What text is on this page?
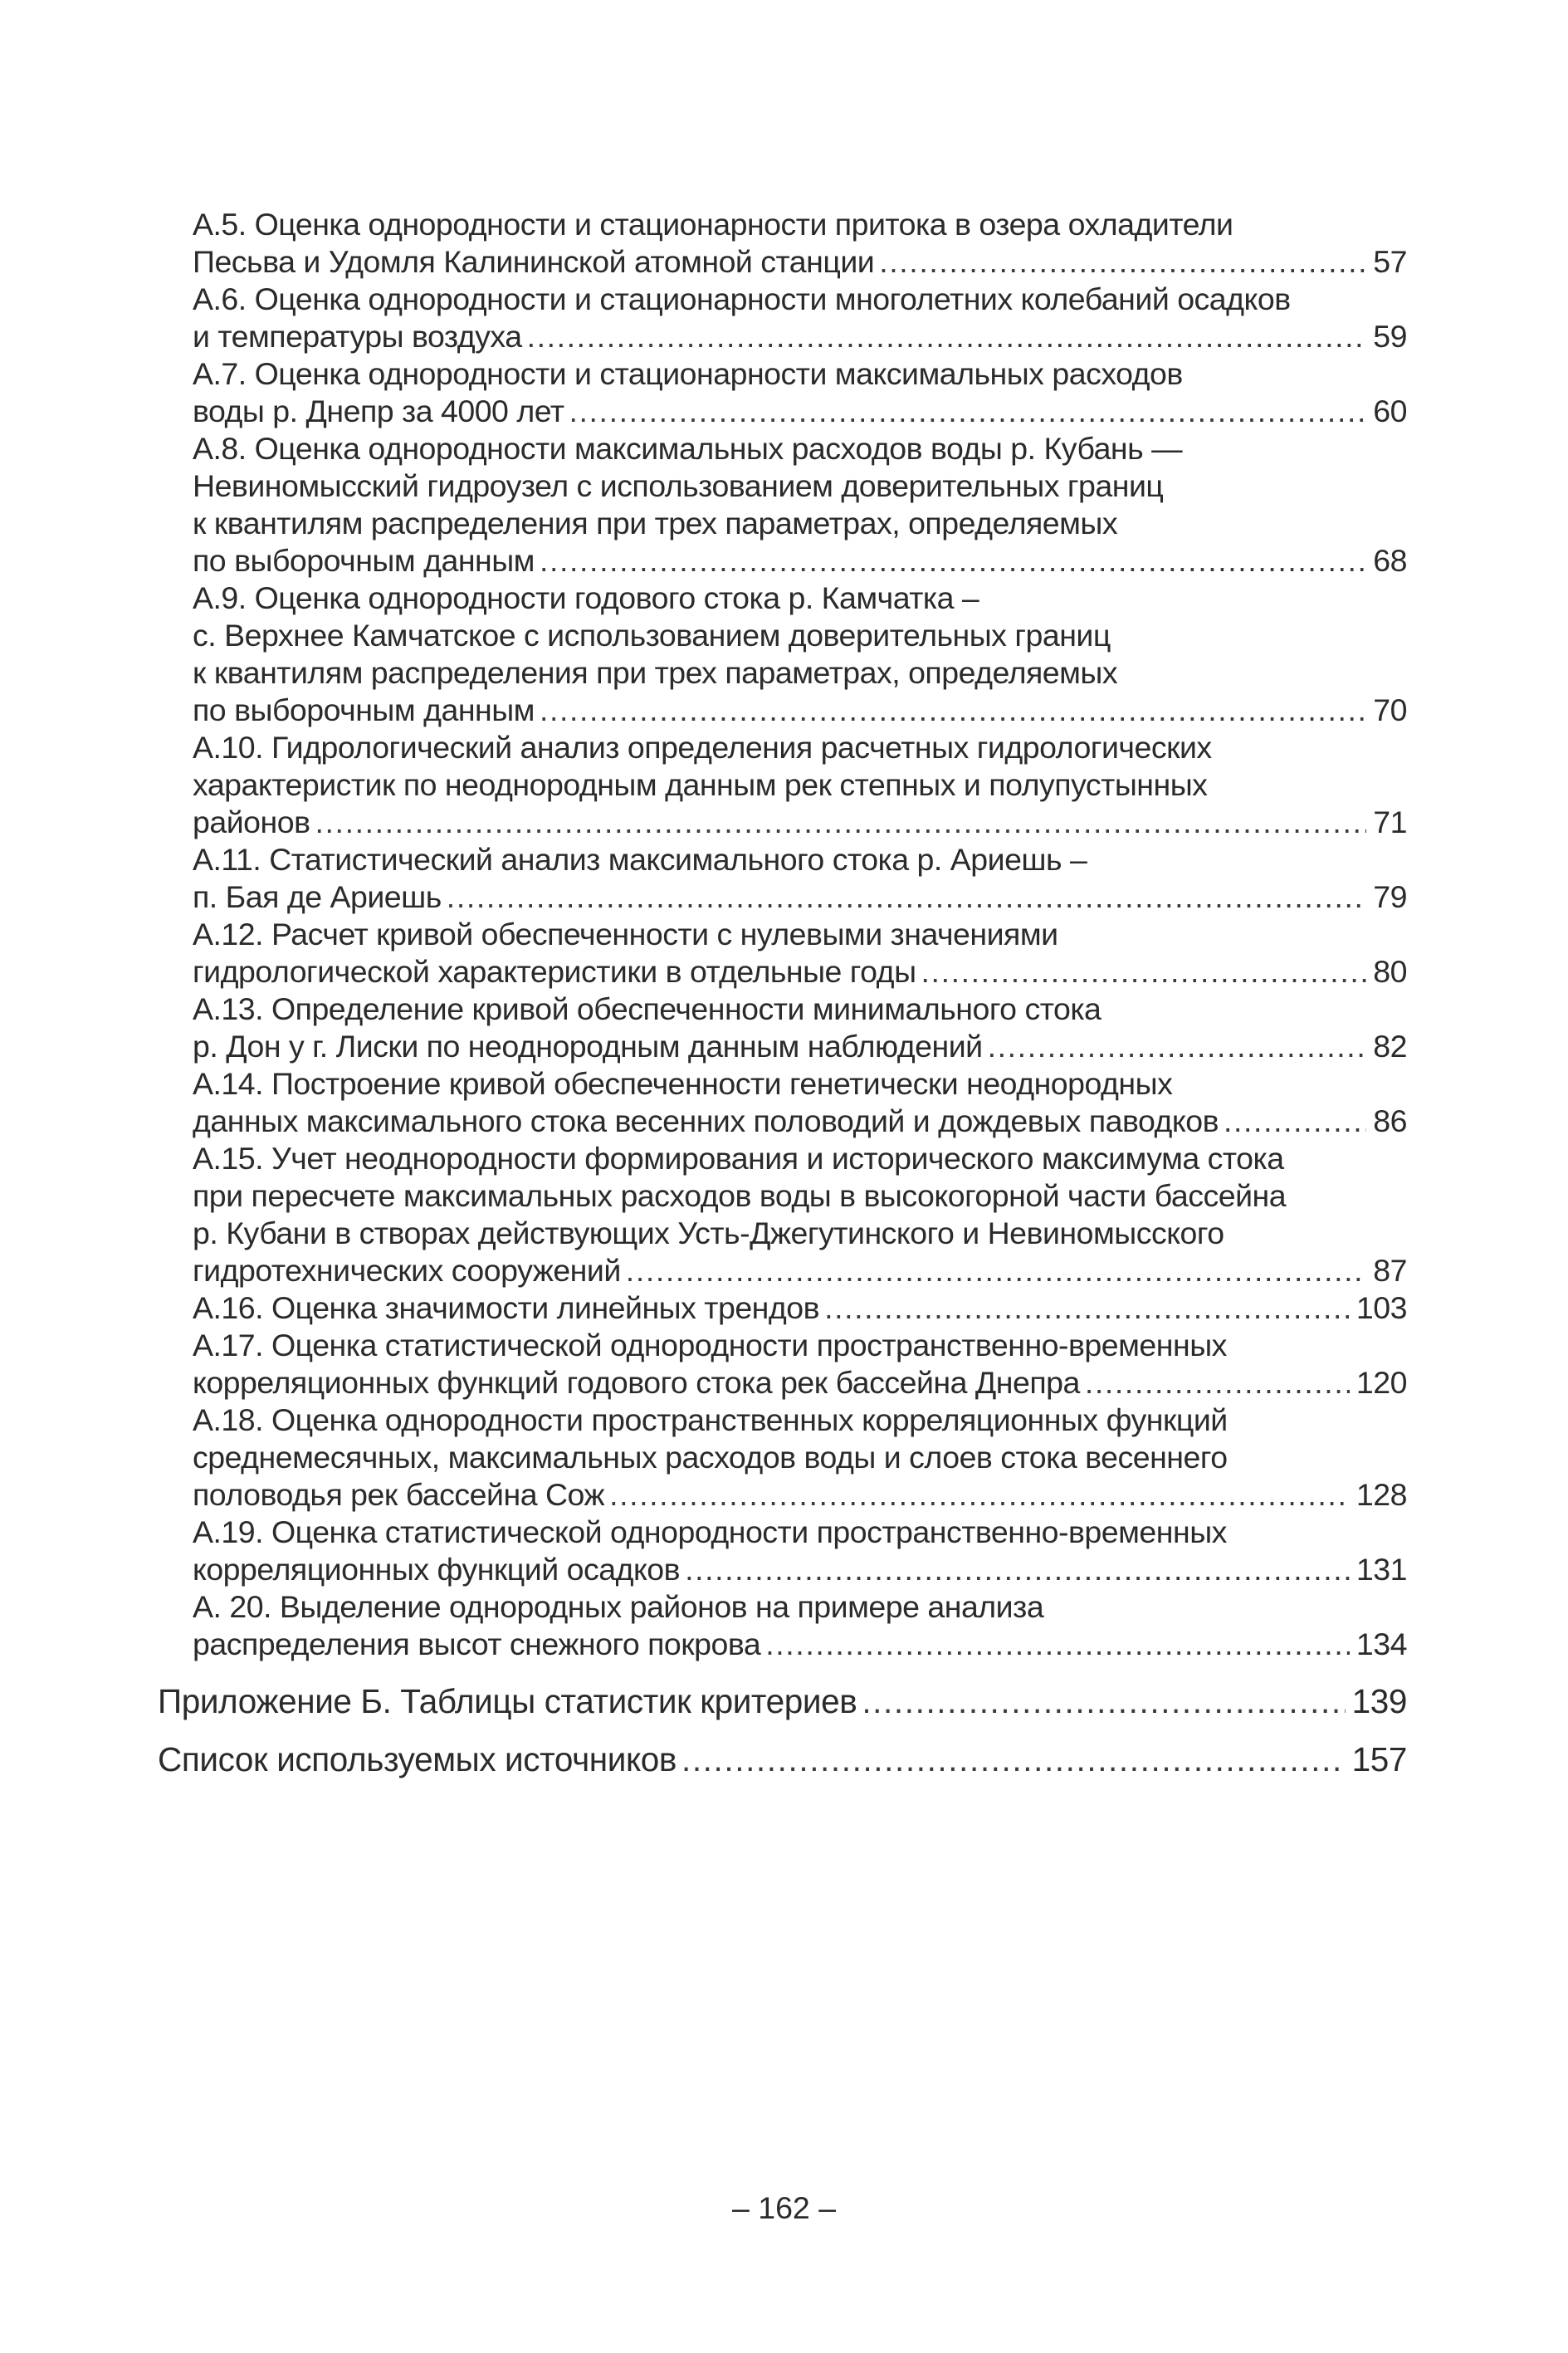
А.5. Оценка однородности и стационарности притока в озера охладители
Песьва и Удомля Калининской атомной станции .....	57
А.6. Оценка однородности и стационарности многолетних колебаний осадков
и температуры воздуха .....	59
А.7. Оценка однородности и стационарности максимальных расходов
воды р. Днепр за 4000 лет .....	60
А.8. Оценка однородности максимальных расходов воды р. Кубань —
Невиномысский гидроузел с использованием доверительных границ
к квантилям распределения при трех параметрах, определяемых
по выборочным данным .....	68
А.9. Оценка однородности годового стока р. Камчатка –
с. Верхнее Камчатское с использованием доверительных границ
к квантилям распределения при трех параметрах, определяемых
по выборочным данным .....	70
А.10. Гидрологический анализ определения расчетных гидрологических
характеристик по неоднородным данным рек степных и полупустынных
районов .....	71
А.11. Статистический анализ максимального стока р. Ариешь –
п. Бая де Ариешь .....	79
А.12. Расчет кривой обеспеченности с нулевыми значениями
гидрологической характеристики в отдельные годы .....	80
А.13. Определение кривой обеспеченности минимального стока
р. Дон у г. Лиски по неоднородным данным наблюдений .....	82
А.14. Построение кривой обеспеченности генетически неоднородных
данных максимального стока весенних половодий и дождевых паводков .....	86
А.15. Учет неоднородности формирования и исторического максимума стока
при пересчете максимальных расходов воды в высокогорной части бассейна
р. Кубани в створах действующих Усть-Джегутинского и Невиномысского
гидротехнических сооружений .....	87
А.16. Оценка значимости линейных трендов .....	103
А.17. Оценка статистической однородности пространственно-временных
корреляционных функций годового стока рек бассейна Днепра .....	120
А.18. Оценка однородности пространственных корреляционных функций
среднемесячных, максимальных расходов воды и слоев стока весеннего
половодья рек бассейна Сож .....	128
А.19. Оценка статистической однородности пространственно-временных
корреляционных функций осадков .....	131
А. 20. Выделение однородных районов на примере анализа
распределения высот снежного покрова .....	134
Приложение Б. Таблицы статистик критериев .....	139
Список используемых источников .....	157
– 162 –
